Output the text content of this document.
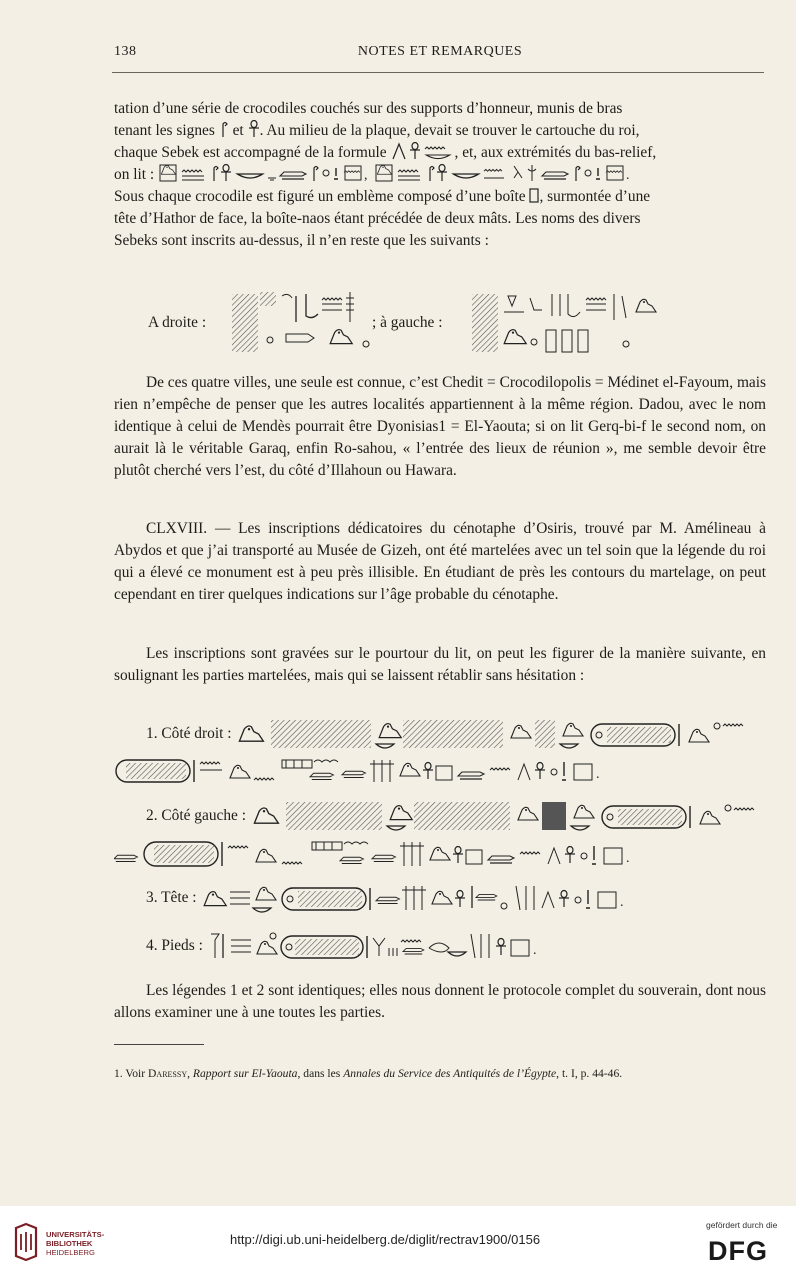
138	NOTES ET REMARQUES

tation d’une série de crocodiles couchés sur des supports d’honneur, munis de bras

tenant les signes et . Au milieu de la plaque, devait se trouver le cartouche du roi,

chaque Sebek est accompagné de la formule	, et, aux extrémités du bas-relief,

on lit :	,	.

Sous chaque crocodile est figuré un emblème composé d’une boîte , surmontée d’une

tête d’Hathor de face, la boîte-naos étant précédée de deux mâts. Les noms des divers

Sebeks sont inscrits au-dessus, il n’en reste que les suivants :

A droite :	; à gauche :
De ces quatre villes, une seule est connue, c’est Chedit = Crocodilopolis = Médinet el-Fayoum, mais rien n’empêche de penser que les autres localités appartiennent à la même région. Dadou, avec le nom identique à celui de Mendès pourrait être Dyonisias1 = El-Yaouta; si on lit Gerq-bi-f le second nom, on aurait là le véritable Garaq, enfin Ro-sahou, « l’entrée des lieux de réunion », me semble devoir être plutôt cherché vers l’est, du côté d’Illahoun ou Hawara.
CLXVIII. — Les inscriptions dédicatoires du cénotaphe d’Osiris, trouvé par M. Amélineau à Abydos et que j’ai transporté au Musée de Gizeh, ont été martelées avec un tel soin que la légende du roi qui a élevé ce monument est à peu près illisible. En étudiant de près les contours du martelage, on peut cependant en tirer quelques indications sur l’âge probable du cénotaphe.
Les inscriptions sont gravées sur le pourtour du lit, on peut les figurer de la manière suivante, en soulignant les parties martelées, mais qui se laissent rétablir sans hésitation :
1. Côté droit :
.
2. Côté gauche :
.
3. Tête :	.
4. Pieds :	.
Les légendes 1 et 2 sont identiques; elles nous donnent le protocole complet du souverain, dont nous allons examiner une à une toutes les parties.
1. Voir Daressy, Rapport sur El-Yaouta, dans les Annales du Service des Antiquités de l’Égypte, t. I, p. 44-46.
UNIVERSITÄTS-
BIBLIOTHEK
HEIDELBERG
http://digi.ub.uni-heidelberg.de/diglit/rectrav1900/0156
gefördert durch die
DFG
